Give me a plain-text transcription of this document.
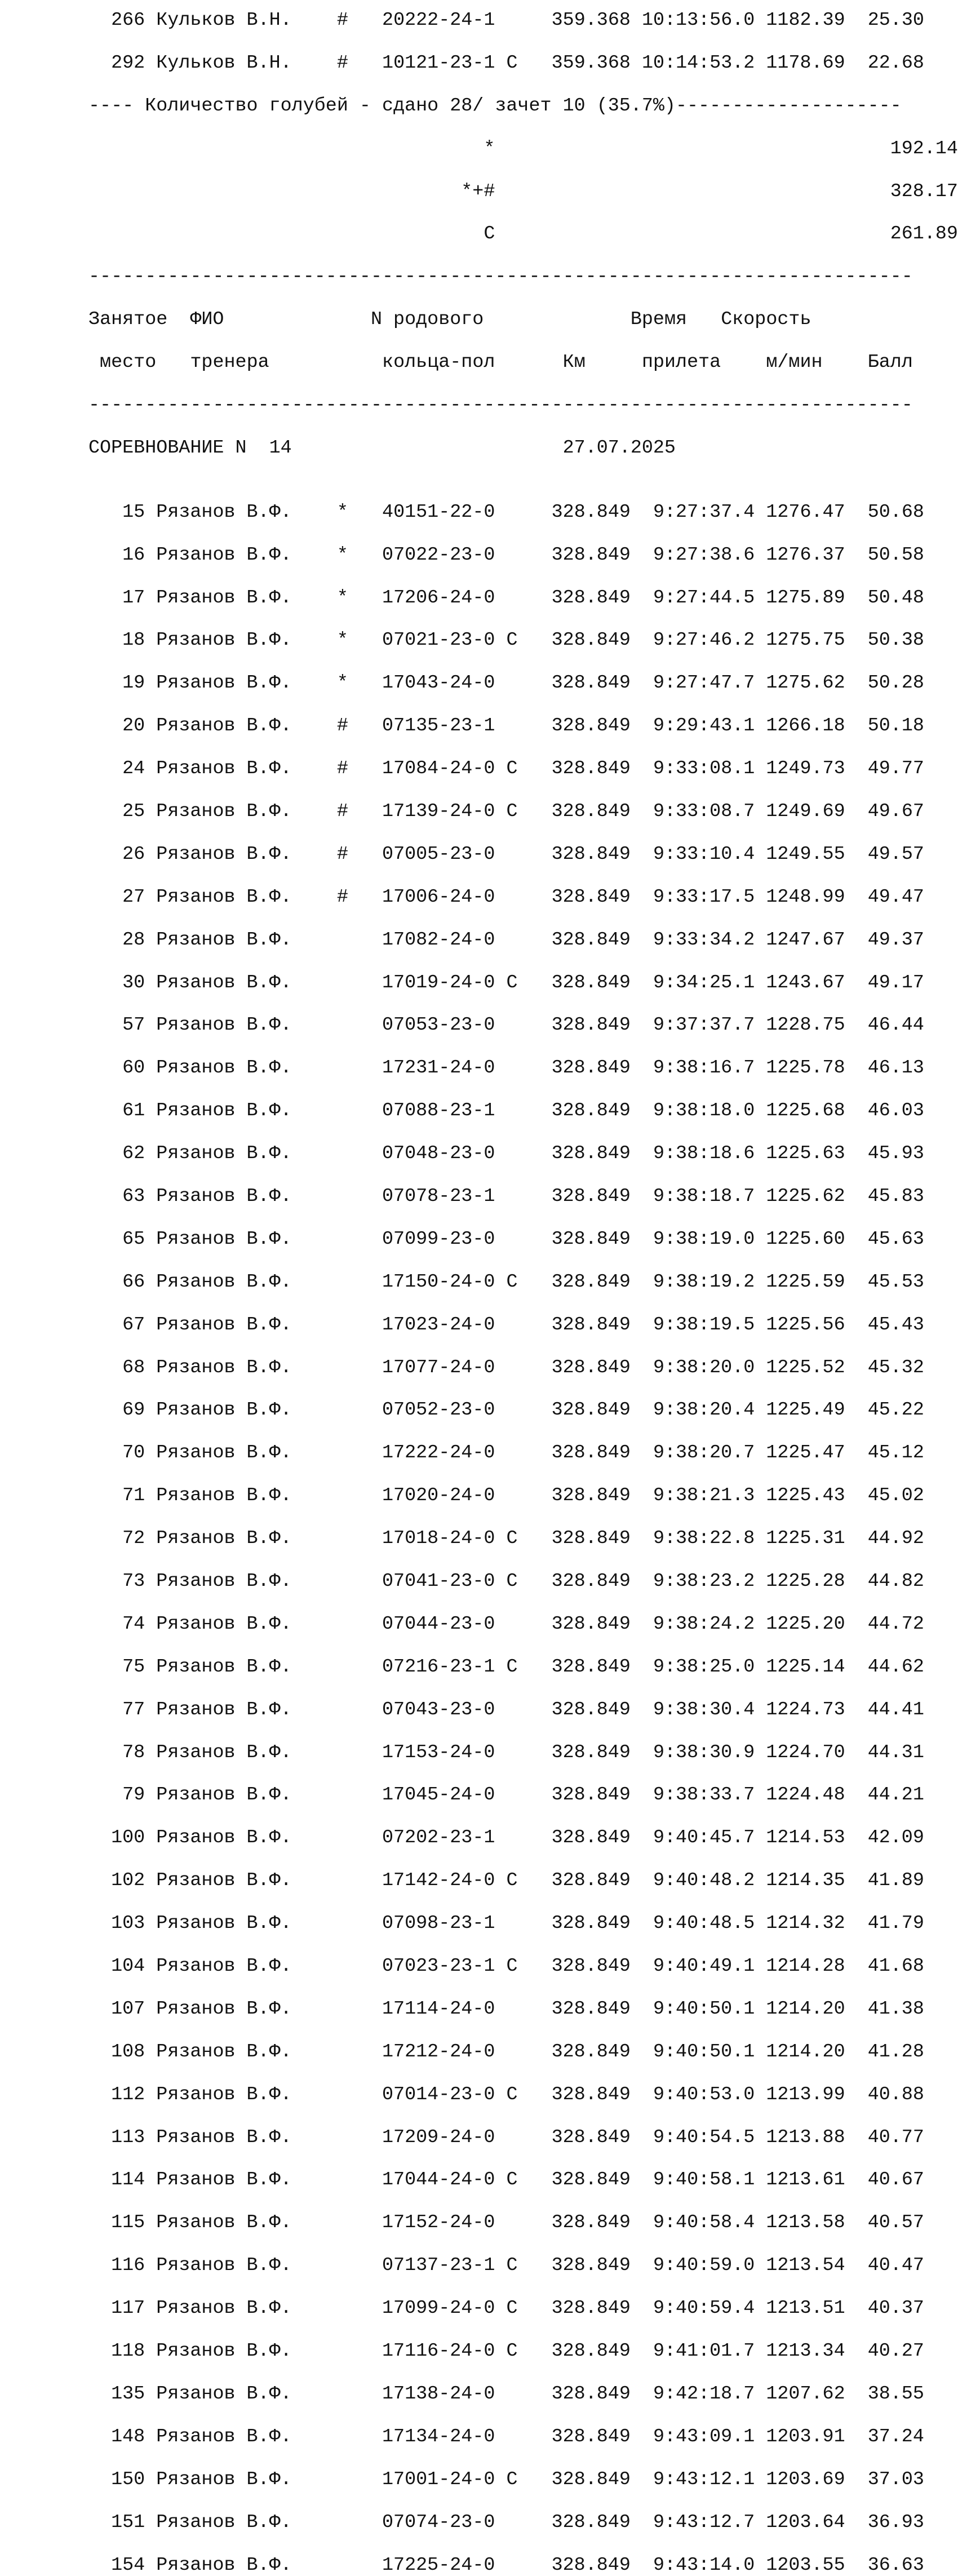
266 Кульков В.Н. # 20222-24-1	359.368 10:13:56.0 1182.39 25.30

292 Кульков В.Н. # 10121-23-1 C 359.368 10:14:53.2 1178.69 22.68

---- Количество голубей - сдано 28/ зачет 10 (35.7%)--------------------

*	192.14

*+#	328.17

C	261.89

-------------------------------------------------------------------------

Занятое ФИО	N родового	Время Скорость

место тренера	кольца-пол	Км	прилета м/мин Балл

-------------------------------------------------------------------------

СОРЕВНОВАНИЕ N  14	27.07.2025

15 Рязанов В.Ф. * 40151-22-0	328.849 9:27:37.4 1276.47 50.68

16 Рязанов В.Ф. * 07022-23-0	328.849 9:27:38.6 1276.37 50.58

17 Рязанов В.Ф. * 17206-24-0	328.849 9:27:44.5 1275.89 50.48

18 Рязанов В.Ф. * 07021-23-0 C 328.849 9:27:46.2 1275.75 50.38

19 Рязанов В.Ф. * 17043-24-0	328.849 9:27:47.7 1275.62 50.28

20 Рязанов В.Ф. # 07135-23-1	328.849 9:29:43.1 1266.18 50.18

24 Рязанов В.Ф. # 17084-24-0 C 328.849 9:33:08.1 1249.73 49.77

25 Рязанов В.Ф. # 17139-24-0 C 328.849 9:33:08.7 1249.69 49.67

26 Рязанов В.Ф. # 07005-23-0	328.849 9:33:10.4 1249.55 49.57

27 Рязанов В.Ф. # 17006-24-0	328.849 9:33:17.5 1248.99 49.47

28 Рязанов В.Ф.	17082-24-0	328.849 9:33:34.2 1247.67 49.37

30 Рязанов В.Ф.	17019-24-0 C 328.849 9:34:25.1 1243.67 49.17

57 Рязанов В.Ф.	07053-23-0	328.849 9:37:37.7 1228.75 46.44

60 Рязанов В.Ф.	17231-24-0	328.849 9:38:16.7 1225.78 46.13

61 Рязанов В.Ф.	07088-23-1	328.849 9:38:18.0 1225.68 46.03

62 Рязанов В.Ф.	07048-23-0	328.849 9:38:18.6 1225.63 45.93

63 Рязанов В.Ф.	07078-23-1	328.849 9:38:18.7 1225.62 45.83

65 Рязанов В.Ф.	07099-23-0	328.849 9:38:19.0 1225.60 45.63

66 Рязанов В.Ф.	17150-24-0 C 328.849 9:38:19.2 1225.59 45.53

67 Рязанов В.Ф.	17023-24-0	328.849 9:38:19.5 1225.56 45.43

68 Рязанов В.Ф.	17077-24-0	328.849 9:38:20.0 1225.52 45.32

69 Рязанов В.Ф.	07052-23-0	328.849 9:38:20.4 1225.49 45.22

70 Рязанов В.Ф.	17222-24-0	328.849 9:38:20.7 1225.47 45.12

71 Рязанов В.Ф.	17020-24-0	328.849 9:38:21.3 1225.43 45.02

72 Рязанов В.Ф.	17018-24-0 C 328.849 9:38:22.8 1225.31 44.92

73 Рязанов В.Ф.	07041-23-0 C 328.849 9:38:23.2 1225.28 44.82

74 Рязанов В.Ф.	07044-23-0	328.849 9:38:24.2 1225.20 44.72

75 Рязанов В.Ф.	07216-23-1 C 328.849 9:38:25.0 1225.14 44.62

77 Рязанов В.Ф.	07043-23-0	328.849 9:38:30.4 1224.73 44.41

78 Рязанов В.Ф.	17153-24-0	328.849 9:38:30.9 1224.70 44.31

79 Рязанов В.Ф.	17045-24-0	328.849 9:38:33.7 1224.48 44.21

100 Рязанов В.Ф.	07202-23-1	328.849 9:40:45.7 1214.53 42.09

102 Рязанов В.Ф.	17142-24-0 C 328.849 9:40:48.2 1214.35 41.89

103 Рязанов В.Ф.	07098-23-1	328.849 9:40:48.5 1214.32 41.79

104 Рязанов В.Ф.	07023-23-1 C 328.849 9:40:49.1 1214.28 41.68

107 Рязанов В.Ф.	17114-24-0	328.849 9:40:50.1 1214.20 41.38

108 Рязанов В.Ф.	17212-24-0	328.849 9:40:50.1 1214.20 41.28

112 Рязанов В.Ф.	07014-23-0 C 328.849 9:40:53.0 1213.99 40.88

113 Рязанов В.Ф.	17209-24-0	328.849 9:40:54.5 1213.88 40.77

114 Рязанов В.Ф.	17044-24-0 C 328.849 9:40:58.1 1213.61 40.67

115 Рязанов В.Ф.	17152-24-0	328.849 9:40:58.4 1213.58 40.57

116 Рязанов В.Ф.	07137-23-1 C 328.849 9:40:59.0 1213.54 40.47

117 Рязанов В.Ф.	17099-24-0 C 328.849 9:40:59.4 1213.51 40.37

118 Рязанов В.Ф.	17116-24-0 C 328.849 9:41:01.7 1213.34 40.27

135 Рязанов В.Ф.	17138-24-0	328.849 9:42:18.7 1207.62 38.55

148 Рязанов В.Ф.	17134-24-0	328.849 9:43:09.1 1203.91 37.24

150 Рязанов В.Ф.	17001-24-0 C 328.849 9:43:12.1 1203.69 37.03

151 Рязанов В.Ф.	07074-23-0	328.849 9:43:12.7 1203.64 36.93

154 Рязанов В.Ф.	17225-24-0	328.849 9:43:14.0 1203.55 36.63
